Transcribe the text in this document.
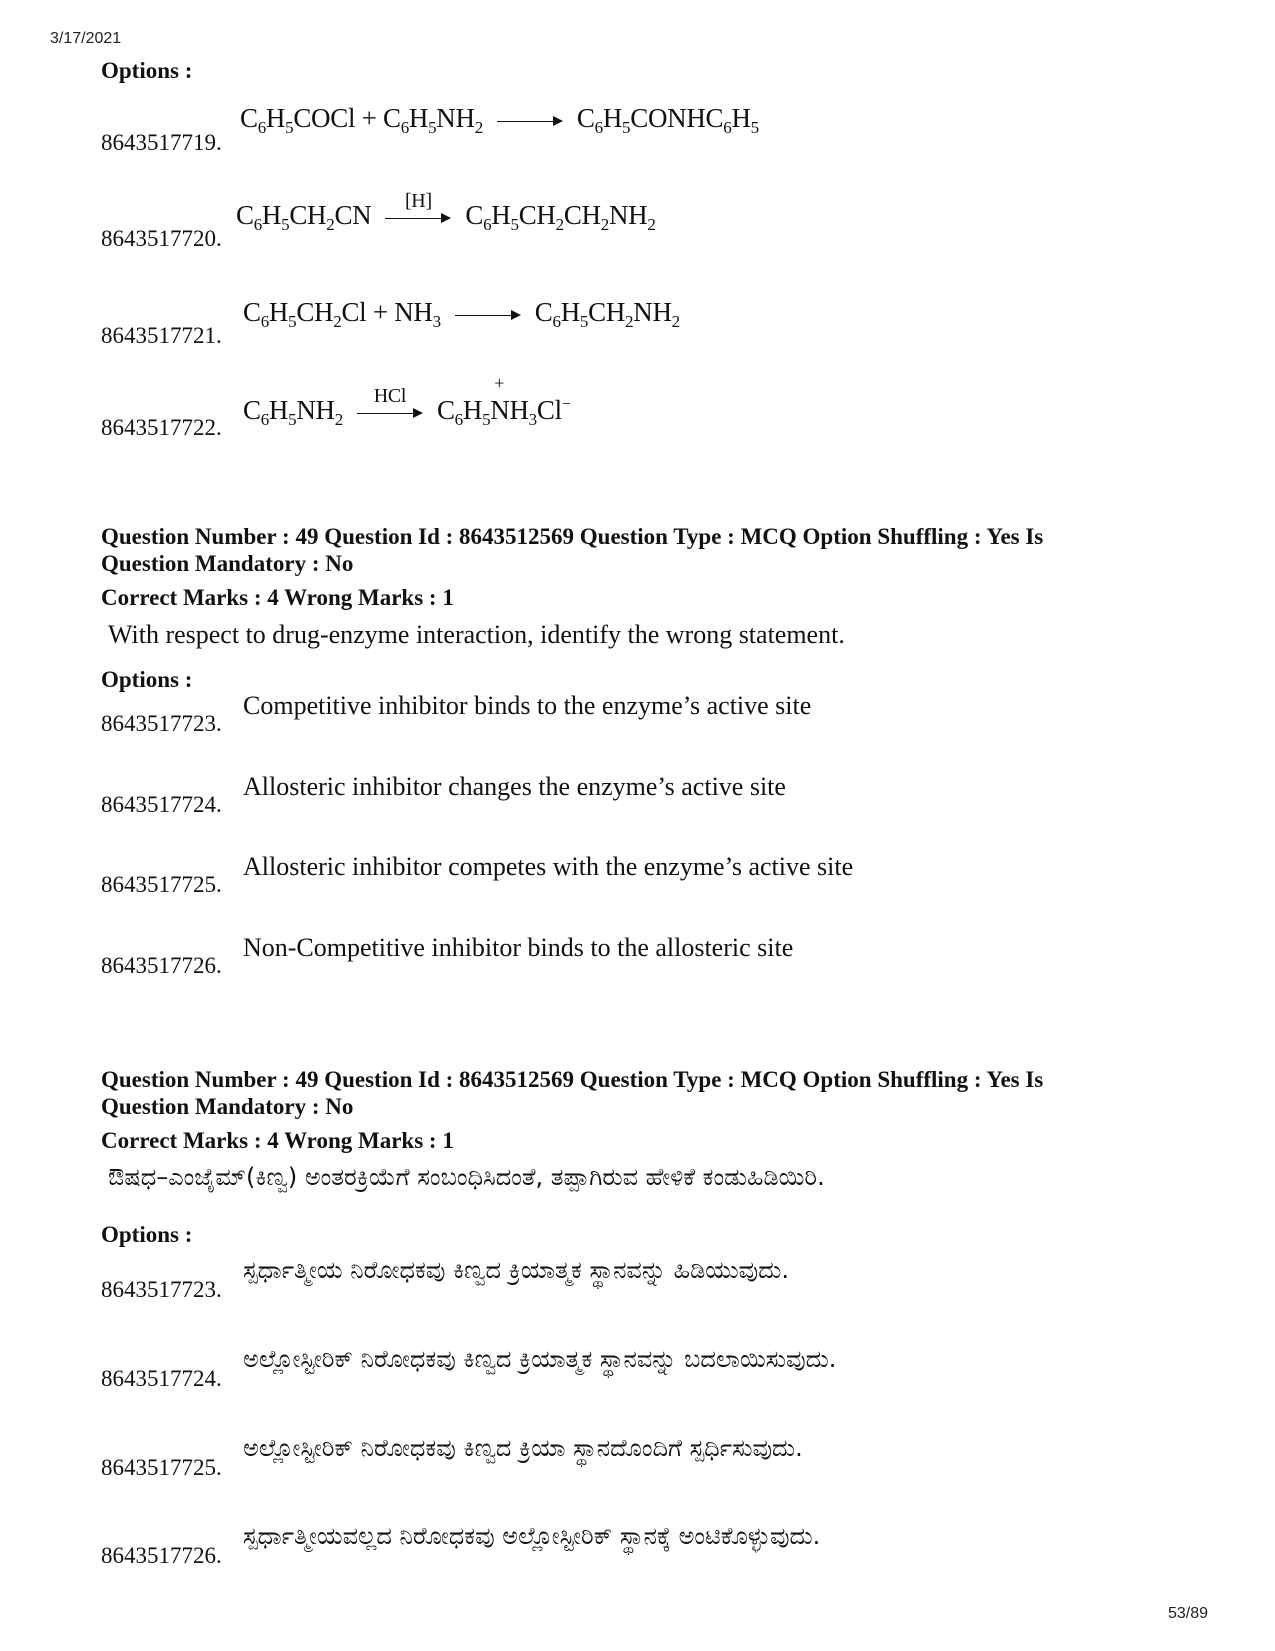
3/17/2021
Options :
8643517719.
$C_6H_5COCl + C_6H_5NH_2$	$C_6H_5CONHC_6H_5$
8643517720.
$C_6H_5CH_2CN$	[H]	$C_6H_5CH_2CH_2NH_2$
8643517721.
$C_6H_5CH_2Cl + NH_3$	$C_6H_5CH_2NH_2$
8643517722.
$C_6H_5NH_2$
HCl	$C_6H_5N$
+
$H_3Cl^-$
Question Number : 49 Question Id : 8643512569 Question Type : MCQ Option Shuffling : Yes Is
Question Mandatory : No
Correct Marks : 4 Wrong Marks : 1
With respect to drug-enzyme interaction, identify the wrong statement.
Options :
8643517723.
Competitive inhibitor binds to the enzyme’s active site
8643517724.
Allosteric inhibitor changes the enzyme’s active site
8643517725.
Allosteric inhibitor competes with the enzyme’s active site
8643517726.
Non-Competitive inhibitor binds to the allosteric site
Question Number : 49 Question Id : 8643512569 Question Type : MCQ Option Shuffling : Yes Is
Question Mandatory : No
Correct Marks : 4 Wrong Marks : 1
ಔಷಧ–ಎಂಜೈಮ್(ಕಿಣ್ವ) ಅಂತರಕ್ರಿಯೆಗೆ ಸಂಬಂಧಿಸಿದಂತೆ, ತಪ್ಪಾಗಿರುವ ಹೇಳಿಕೆ ಕಂಡುಹಿಡಿಯಿರಿ.
Options :
8643517723.
ಸ್ಪರ್ಧಾತ್ಮೀಯ ನಿರೋಧಕವು ಕಿಣ್ವದ ಕ್ರಿಯಾತ್ಮಕ ಸ್ಥಾನವನ್ನು ಹಿಡಿಯುವುದು.
8643517724.
ಅಲ್ಲೋಸ್ಟೀರಿಕ್ ನಿರೋಧಕವು ಕಿಣ್ವದ ಕ್ರಿಯಾತ್ಮಕ ಸ್ಥಾನವನ್ನು ಬದಲಾಯಿಸುವುದು.
8643517725.
ಅಲ್ಲೋಸ್ಟೀರಿಕ್ ನಿರೋಧಕವು ಕಿಣ್ವದ ಕ್ರಿಯಾ ಸ್ಥಾನದೊಂದಿಗೆ ಸ್ಪರ್ಧಿಸುವುದು.
8643517726.
ಸ್ಪರ್ಧಾತ್ಮೀಯವಲ್ಲದ ನಿರೋಧಕವು ಅಲ್ಲೋಸ್ಟೀರಿಕ್ ಸ್ಥಾನಕ್ಕೆ ಅಂಟಿಕೊಳ್ಳುವುದು.
53/89
